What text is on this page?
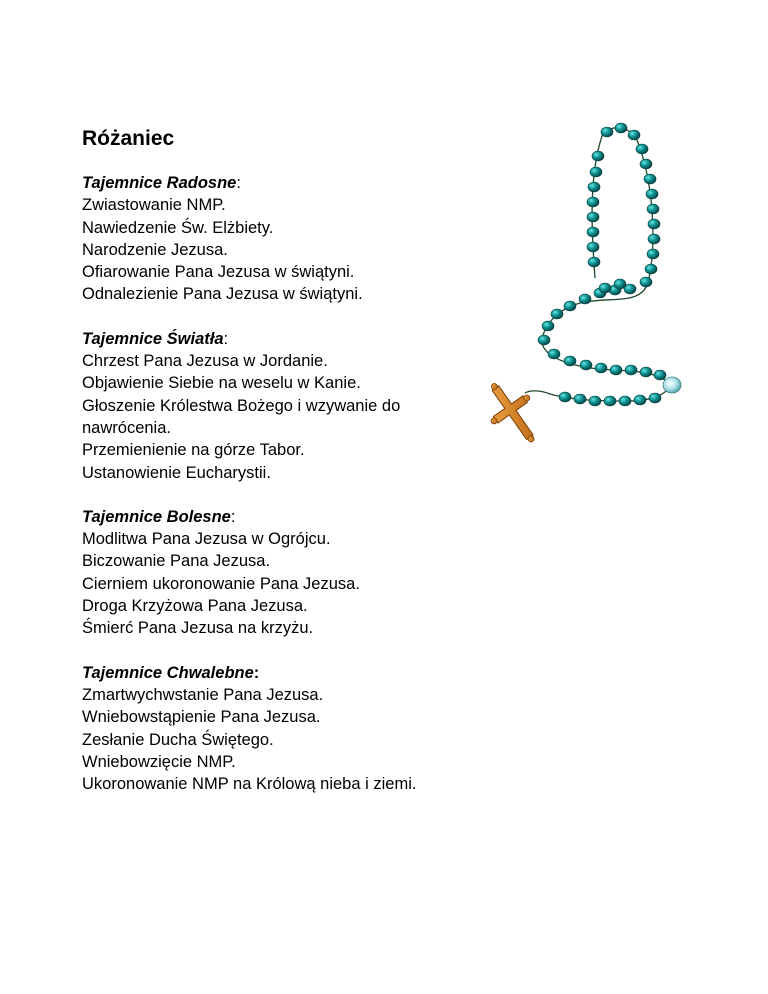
Różaniec
Tajemnice Radosne:
Zwiastowanie NMP.
Nawiedzenie Św. Elżbiety.
Narodzenie Jezusa.
Ofiarowanie Pana Jezusa w świątyni.
Odnalezienie Pana Jezusa w świątyni.
Tajemnice Światła:
Chrzest Pana Jezusa w Jordanie.
Objawienie Siebie na weselu w Kanie.
Głoszenie Królestwa Bożego i wzywanie do nawrócenia.
Przemienienie na górze Tabor.
Ustanowienie Eucharystii.
Tajemnice Bolesne:
Modlitwa Pana Jezusa w Ogrójcu.
Biczowanie Pana Jezusa.
Cierniem ukoronowanie Pana Jezusa.
Droga Krzyżowa Pana Jezusa.
Śmierć Pana Jezusa na krzyżu.
Tajemnice Chwalebne:
Zmartwychwstanie Pana Jezusa.
Wniebowstąpienie Pana Jezusa.
Zesłanie Ducha Świętego.
Wniebowzięcie NMP.
Ukoronowanie NMP na Królową nieba i ziemi.
